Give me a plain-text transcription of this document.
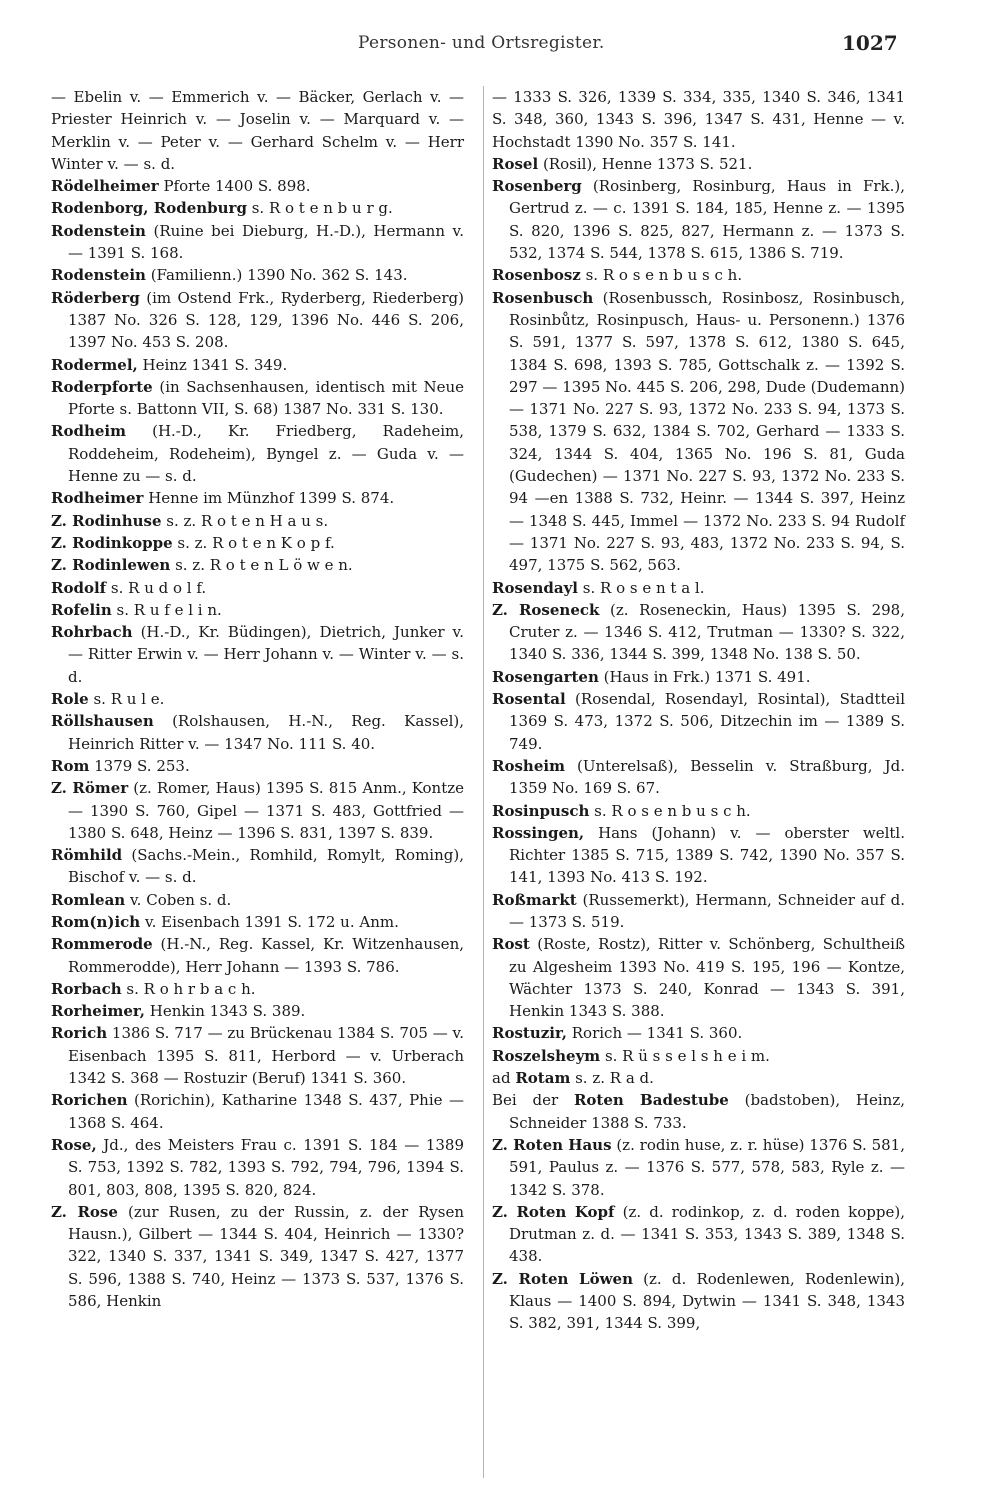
Personen- und Ortsregister.	1027

— Ebelin v. — Emmerich v. — Bäcker, Gerlach v. — Priester Heinrich v. — Joselin v. — Marquard v. — Merklin v. — Peter v. — Gerhard Schelm v. — Herr Winter v. — s. d.

Rödelheimer Pforte 1400 S. 898.

Rodenborg, Rodenburg s. R o t e n b u r g.

Rodenstein (Ruine bei Dieburg, H.-D.), Hermann v. — 1391 S. 168.

Rodenstein (Familienn.) 1390 No. 362 S. 143.

Röderberg (im Ostend Frk., Ryderberg, Riederberg) 1387 No. 326 S. 128, 129, 1396 No. 446 S. 206, 1397 No. 453 S. 208.

Rodermel, Heinz 1341 S. 349.

Roderpforte (in Sachsenhausen, identisch mit Neue Pforte s. Battonn VII, S. 68) 1387 No. 331 S. 130.

Rodheim (H.-D., Kr. Friedberg, Radeheim, Roddeheim, Rodeheim), Byngel z. — Guda v. — Henne zu — s. d.

Rodheimer Henne im Münzhof 1399 S. 874.

Z. Rodinhuse s. z. R o t e n H a u s.

Z. Rodinkoppe s. z. R o t e n K o p f.

Z. Rodinlewen s. z. R o t e n L ö w e n.

Rodolf s. R u d o l f.

Rofelin s. R u f e l i n.

Rohrbach (H.-D., Kr. Büdingen), Dietrich, Junker v. — Ritter Erwin v. — Herr Johann v. — Winter v. — s. d.

Role s. R u l e.

Röllshausen (Rolshausen, H.-N., Reg. Kassel), Heinrich Ritter v. — 1347 No. 111 S. 40.

Rom 1379 S. 253.

Z. Römer (z. Romer, Haus) 1395 S. 815 Anm., Kontze — 1390 S. 760, Gipel — 1371 S. 483, Gottfried — 1380 S. 648, Heinz — 1396 S. 831, 1397 S. 839.

Römhild (Sachs.-Mein., Romhild, Romylt, Roming), Bischof v. — s. d.

Romlean v. Coben s. d.

Rom(n)ich v. Eisenbach 1391 S. 172 u. Anm.

Rommerode (H.-N., Reg. Kassel, Kr. Witzenhausen, Rommerodde), Herr Johann — 1393 S. 786.

Rorbach s. R o h r b a c h.

Rorheimer, Henkin 1343 S. 389.

Rorich 1386 S. 717 — zu Brückenau 1384 S. 705 — v. Eisenbach 1395 S. 811, Herbord — v. Urberach 1342 S. 368 — Rostuzir (Beruf) 1341 S. 360.

Rorichen (Rorichin), Katharine 1348 S. 437, Phie — 1368 S. 464.

Rose, Jd., des Meisters Frau c. 1391 S. 184 — 1389 S. 753, 1392 S. 782, 1393 S. 792, 794, 796, 1394 S. 801, 803, 808, 1395 S. 820, 824.

Z. Rose (zur Rusen, zu der Russin, z. der Rysen Hausn.), Gilbert — 1344 S. 404, Heinrich — 1330? 322, 1340 S. 337, 1341 S. 349, 1347 S. 427, 1377 S. 596, 1388 S. 740, Heinz — 1373 S. 537, 1376 S. 586, Henkin

— 1333 S. 326, 1339 S. 334, 335, 1340 S. 346, 1341 S. 348, 360, 1343 S. 396, 1347 S. 431, Henne — v. Hochstadt 1390 No. 357 S. 141.

Rosel (Rosil), Henne 1373 S. 521.

Rosenberg (Rosinberg, Rosinburg, Haus in Frk.), Gertrud z. — c. 1391 S. 184, 185, Henne z. — 1395 S. 820, 1396 S. 825, 827, Hermann z. — 1373 S. 532, 1374 S. 544, 1378 S. 615, 1386 S. 719.

Rosenbosz s. R o s e n b u s c h.

Rosenbusch (Rosenbussch, Rosinbosz, Rosinbusch, Rosinbůtz, Rosinpusch, Haus- u. Personenn.) 1376 S. 591, 1377 S. 597, 1378 S. 612, 1380 S. 645, 1384 S. 698, 1393 S. 785, Gottschalk z. — 1392 S. 297 — 1395 No. 445 S. 206, 298, Dude (Dudemann) — 1371 No. 227 S. 93, 1372 No. 233 S. 94, 1373 S. 538, 1379 S. 632, 1384 S. 702, Gerhard — 1333 S. 324, 1344 S. 404, 1365 No. 196 S. 81, Guda (Gudechen) — 1371 No. 227 S. 93, 1372 No. 233 S. 94 —en 1388 S. 732, Heinr. — 1344 S. 397, Heinz — 1348 S. 445, Immel — 1372 No. 233 S. 94 Rudolf — 1371 No. 227 S. 93, 483, 1372 No. 233 S. 94, S. 497, 1375 S. 562, 563.

Rosendayl s. R o s e n t a l.

Z. Roseneck (z. Roseneckin, Haus) 1395 S. 298, Cruter z. — 1346 S. 412, Trutman — 1330? S. 322, 1340 S. 336, 1344 S. 399, 1348 No. 138 S. 50.

Rosengarten (Haus in Frk.) 1371 S. 491.

Rosental (Rosendal, Rosendayl, Rosintal), Stadtteil 1369 S. 473, 1372 S. 506, Ditzechin im — 1389 S. 749.

Rosheim (Unterelsaß), Besselin v. Straßburg, Jd. 1359 No. 169 S. 67.

Rosinpusch s. R o s e n b u s c h.

Rossingen, Hans (Johann) v. — oberster weltl. Richter 1385 S. 715, 1389 S. 742, 1390 No. 357 S. 141, 1393 No. 413 S. 192.

Roßmarkt (Russemerkt), Hermann, Schneider auf d. — 1373 S. 519.

Rost (Roste, Rostz), Ritter v. Schönberg, Schultheiß zu Algesheim 1393 No. 419 S. 195, 196 — Kontze, Wächter 1373 S. 240, Konrad — 1343 S. 391, Henkin 1343 S. 388.

Rostuzir, Rorich — 1341 S. 360.

Roszelsheym s. R ü s s e l s h e i m.

ad Rotam s. z. R a d.

Bei der Roten Badestube (badstoben), Heinz, Schneider 1388 S. 733.

Z. Roten Haus (z. rodin huse, z. r. hüse) 1376 S. 581, 591, Paulus z. — 1376 S. 577, 578, 583, Ryle z. — 1342 S. 378.

Z. Roten Kopf (z. d. rodinkop, z. d. roden koppe), Drutman z. d. — 1341 S. 353, 1343 S. 389, 1348 S. 438.

Z. Roten Löwen (z. d. Rodenlewen, Rodenlewin), Klaus — 1400 S. 894, Dytwin — 1341 S. 348, 1343 S. 382, 391, 1344 S. 399,
